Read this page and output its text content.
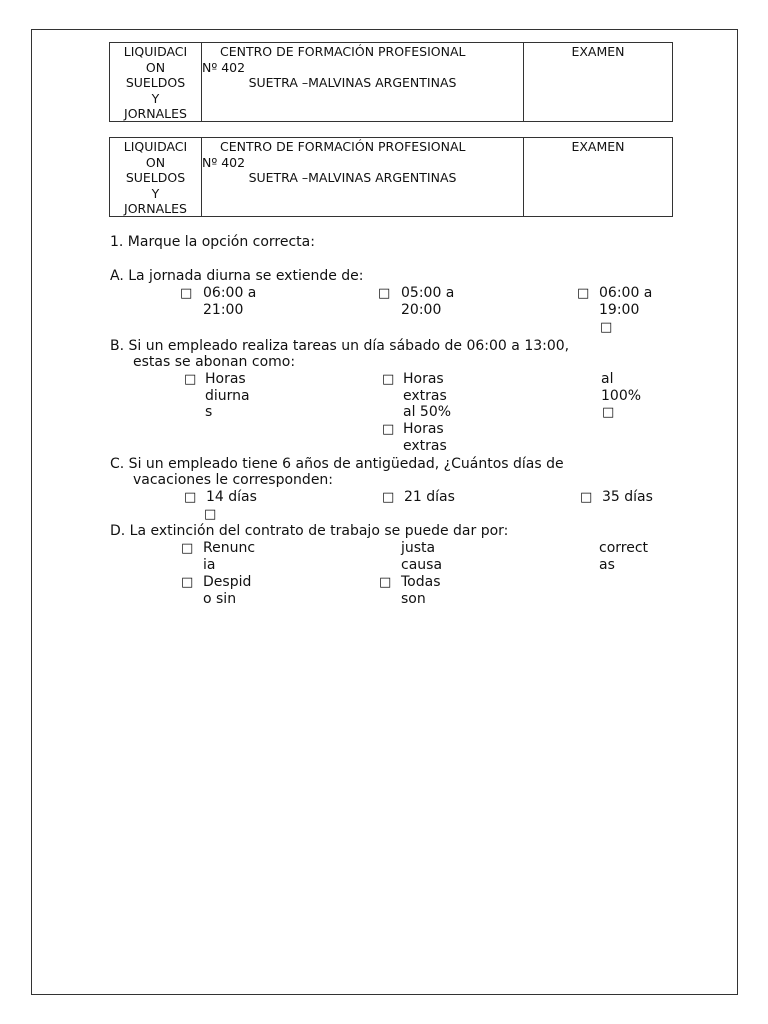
LIQUIDACI
ON
SUELDOS
Y
JORNALES
CENTRO DE FORMACIÓN PROFESIONAL
Nº 402
SUETRA –MALVINAS ARGENTINAS
EXAMEN
LIQUIDACI
ON
SUELDOS
Y
JORNALES
CENTRO DE FORMACIÓN PROFESIONAL
Nº 402
SUETRA –MALVINAS ARGENTINAS
EXAMEN
1. Marque la opción correcta:
A. La jornada diurna se extiende de:
□ 06:00 a
21:00
□ 05:00 a
20:00
□ 06:00 a
19:00
□
B. Si un empleado realiza tareas un día sábado de 06:00 a 13:00,
estas se abonan como:
□ Horas
diurna
s
□ Horas
extras
al 50%
al
100%
□
□ Horas
extras
C. Si un empleado tiene 6 años de antigüedad, ¿Cuántos días de
vacaciones le corresponden:
□ 14 días	□ 21 días	□ 35 días
□
D. La extinción del contrato de trabajo se puede dar por:
□ Renunc
ia
justa
causa
correct
as
□ Despid
o sin
□ Todas
son
